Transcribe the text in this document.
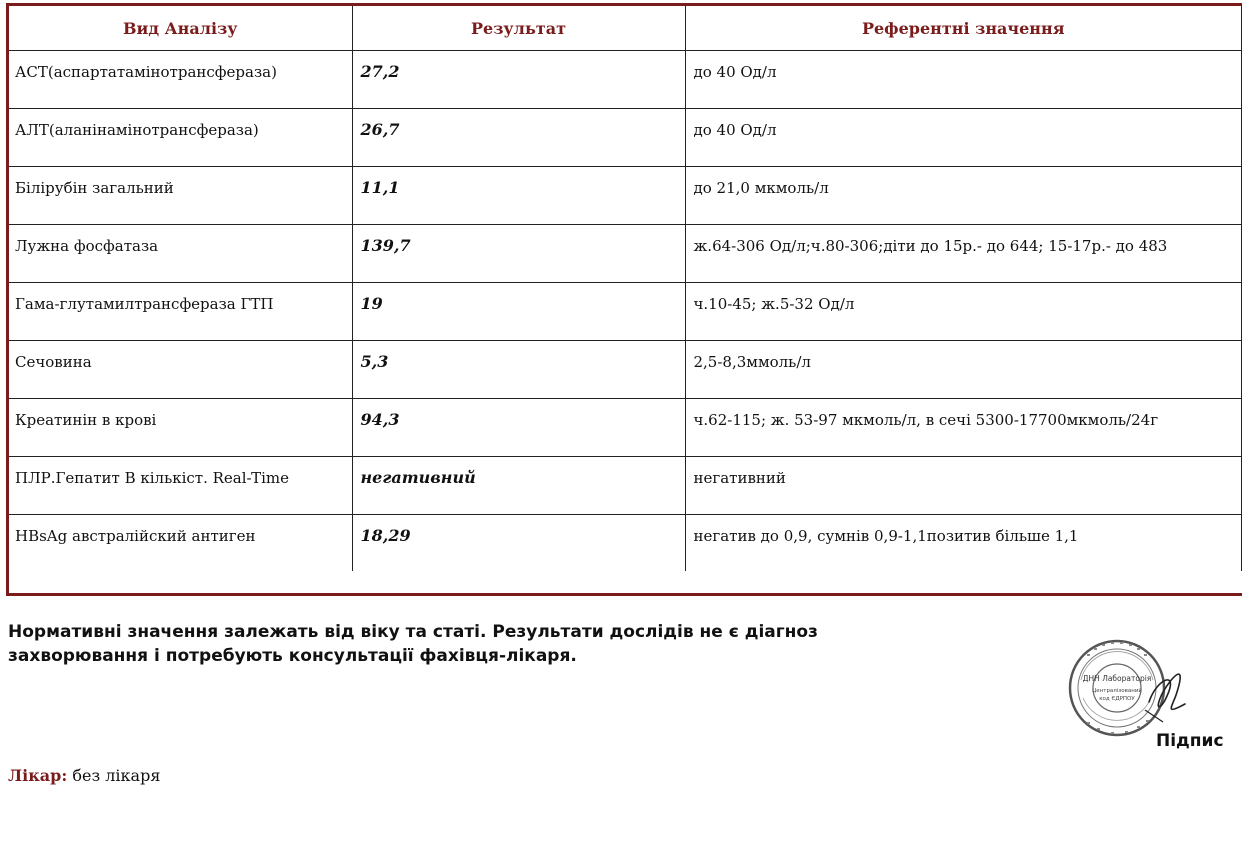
Вид Аналізу	Результат	Референтні значення

АСТ(аспартатамінотрансфераза)	27,2	до 40 Од/л

АЛТ(аланінамінотрансфераза)	26,7	до 40 Од/л

Білірубін загальний	11,1	до 21,0 мкмоль/л

Лужна фосфатаза	139,7	ж.64-306 Од/л;ч.80-306;діти до 15р.- до 644; 15-17р.- до 483

Гама-глутамилтрансфераза ГТП	19	ч.10-45; ж.5-32 Од/л

Сечовина	5,3	2,5-8,3ммоль/л

Креатинін в крові	94,3	ч.62-115; ж. 53-97 мкмоль/л, в сечі 5300-17700мкмоль/24г

ПЛР.Гепатит В кількіст. Real-Time	негативний	негативний

HBsAg австралійский антиген	18,29	негатив до 0,9, сумнів 0,9-1,1позитив більше 1,1
Нормативні значення залежать від віку та статі. Результати дослідів не є діагноз захворювання і потребують консультації фахівця-лікаря.
ДНН Лабораторія
Централізований
код ЄДРПОУ
Підпис
Лікар: без лікаря
